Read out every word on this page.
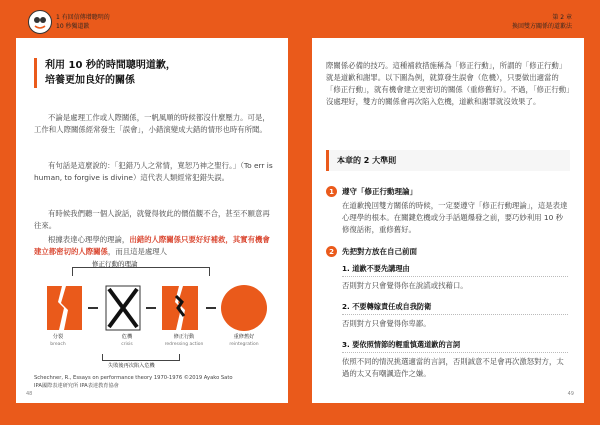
1 有回信傳增聰明的
10 秒獨道歉
第 2 章
換回雙方關係的道歉法
利用 10 秒的時間聰明道歉，
培養更加良好的關係

不論是處理工作或人際關係，一帆風順的時候都沒什麼壓力。可是，工作和人際關係經常發生「誤會」，小錯演變成大錯的情形也時有所聞。

有句話是這麼說的：「犯錯乃人之常情，寬恕乃神之聖行。」（To err is human, to forgive is divine）這代表人類經常犯錯失誤。

有時候我們聽一個人說話，就覺得彼此的價值觀不合，甚至不願意再往來。

根據表達心理學的理論，出錯的人際關係只要好好補救，其實有機會建立都密切的人際關係，而且這是處理人

修正行動的理論
分裂
breach
危機
crisis
修正行動
redressing action
重修舊好
reintegration
失敗後再次陷入危機
Schechner, R., Essays on performance theory 1970-1976 ©2019 Ayako Sato
IPA國際表達研究所 IPA表達教育協會
48

際關係必備的技巧。這種補救措施稱為「修正行動」，所謂的「修正行動」就是道歉和謝罪。以下圖為例，就算發生誤會（危機），只要做出適當的「修正行動」，就有機會建立更密切的關係（重修舊好）。不過，「修正行動」沒處理好，雙方的關係會再次陷入危機，道歉和謝罪就沒效果了。

本章的 2 大準則
1	遵守「修正行動理論」

在道歉挽回雙方關係的時候，一定要遵守「修正行動理論」，這是表達心理學的根本。在關鍵危機或分手話題爆發之前，要巧妙利用 10 秒修復話術，重修舊好。

2	先把對方放在自己前面
1. 道歉不要先講理由

否則對方只會覺得你在說謊或找藉口。

2. 不要轉嫁責任或自我防衛

否則對方只會覺得你卑鄙。

3. 要依照情節的輕重慎選道歉的言詞

依照不同的情況挑選適當的言詞，否則誠意不足會再次激怒對方，太過的太又有嘲諷造作之嫌。

49
